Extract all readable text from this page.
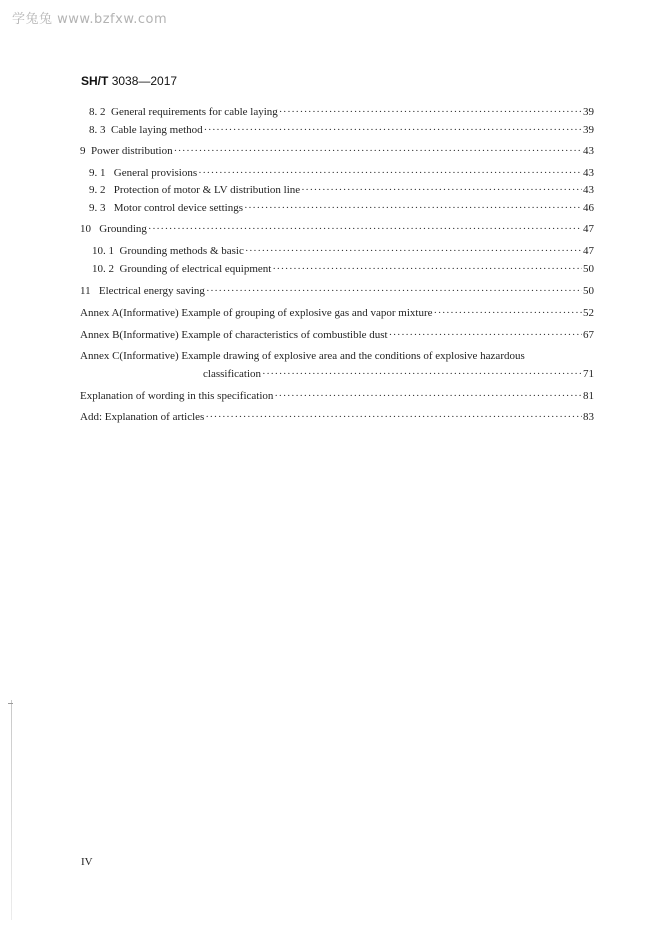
学兔兔 www.bzfxw.com
SH/T 3038—2017
8. 2 General requirements for cable laying ·····	39
8. 3 Cable laying method ·····	39
9 Power distribution ·····	43
9. 1 General provisions ·····	43
9. 2 Protection of motor & LV distribution line ·····	43
9. 3 Motor control device settings ·····	46
10 Grounding ·····	47
10. 1 Grounding methods & basic ·····	47
10. 2 Grounding of electrical equipment ·····	50
11 Electrical energy saving ·····	50
Annex A(Informative) Example of grouping of explosive gas and vapor mixture ·····	52
Annex B(Informative) Example of characteristics of combustible dust ·····	67
Annex C(Informative) Example drawing of explosive area and the conditions of explosive hazardous
classification ·····	71
Explanation of wording in this specification ·····	81
Add: Explanation of articles ·····	83
IV
